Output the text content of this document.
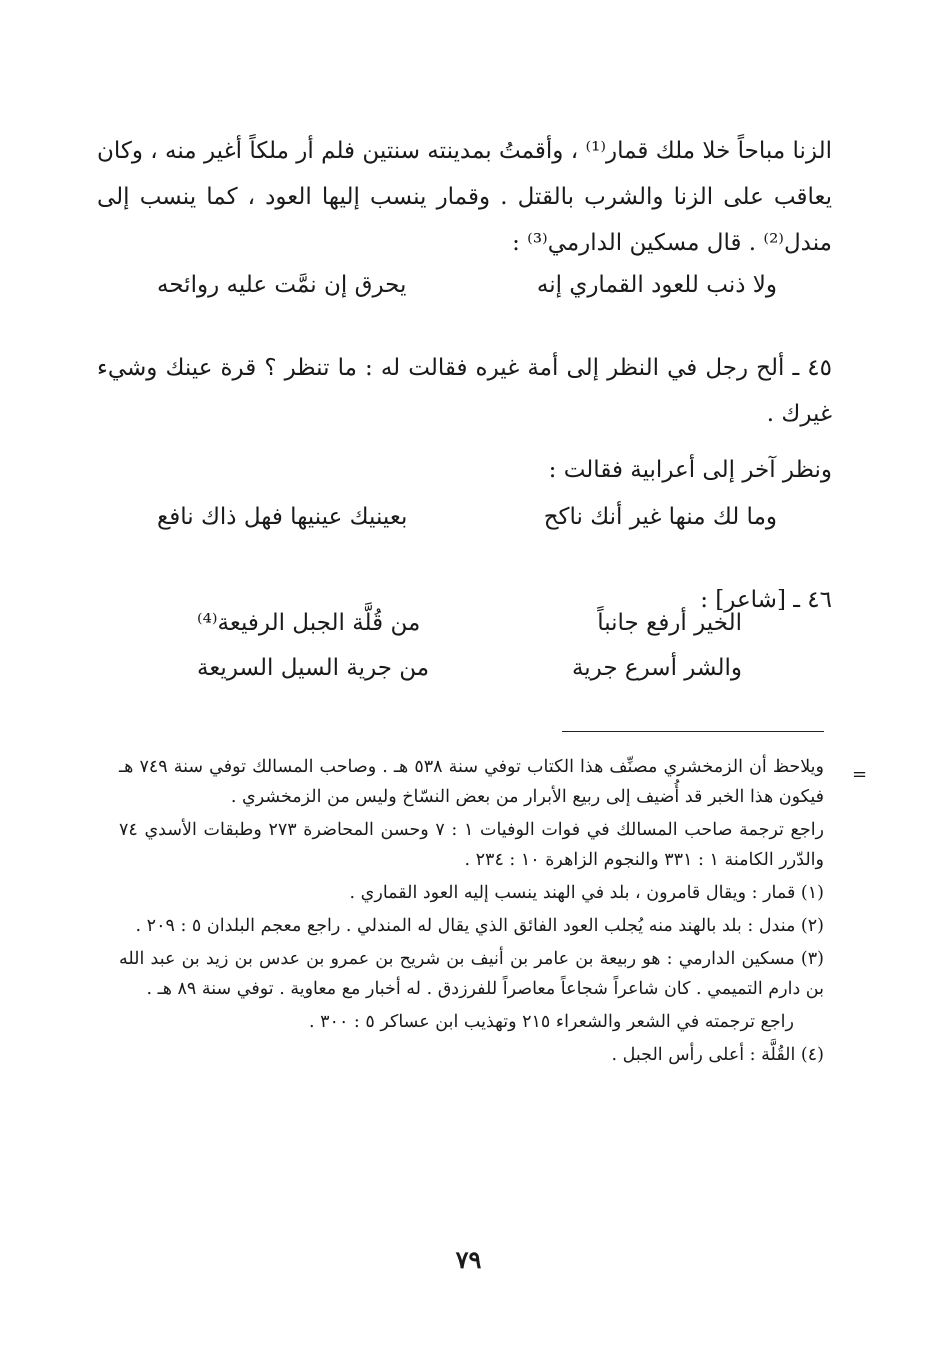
الزنا مباحاً خلا ملك قمار⁽¹⁾ ، وأقمتُ بمدينته سنتين فلم أر ملكاً أغير منه ، وكان يعاقب على الزنا والشرب بالقتل . وقمار ينسب إليها العود ، كما ينسب إلى مندل⁽²⁾ . قال مسكين الدارمي⁽³⁾ :

ولا ذنب للعود القماري إنه
يحرق إن نمَّت عليه روائحه

٤٥ ـ ألح رجل في النظر إلى أمة غيره فقالت له : ما تنظر ؟ قرة عينك وشيء غيرك .

ونظر آخر إلى أعرابية فقالت :

وما لك منها غير أنك ناكح
بعينيك عينيها فهل ذاك نافع

٤٦ ـ [شاعر] :

الخير أرفع جانباً
من قُلَّة الجبل الرفيعة⁽⁴⁾
والشر أسرع جرية
من جرية السيل السريعة
=

ويلاحظ أن الزمخشري مصنِّف هذا الكتاب توفي سنة ٥٣٨ هـ . وصاحب المسالك توفي سنة ٧٤٩ هـ فيكون هذا الخبر قد أُضيف إلى ربيع الأبرار من بعض النسّاخ وليس من الزمخشري .

راجع ترجمة صاحب المسالك في فوات الوفيات ١ : ٧ وحسن المحاضرة ٢٧٣ وطبقات الأسدي ٧٤ والدّرر الكامنة ١ : ٣٣١ والنجوم الزاهرة ١٠ : ٢٣٤ .

(١) قمار : ويقال قامرون ، بلد في الهند ينسب إليه العود القماري .

(٢) مندل : بلد بالهند منه يُجلب العود الفائق الذي يقال له المندلي . راجع معجم البلدان ٥ : ٢٠٩ .

(٣) مسكين الدارمي : هو ربيعة بن عامر بن أنيف بن شريح بن عمرو بن عدس بن زيد بن عبد الله بن دارم التميمي . كان شاعراً شجاعاً معاصراً للفرزدق . له أخبار مع معاوية . توفي سنة ٨٩ هـ .

راجع ترجمته في الشعر والشعراء ٢١٥ وتهذيب ابن عساكر ٥ : ٣٠٠ .

(٤) القُلَّة : أعلى رأس الجبل .

٧٩
